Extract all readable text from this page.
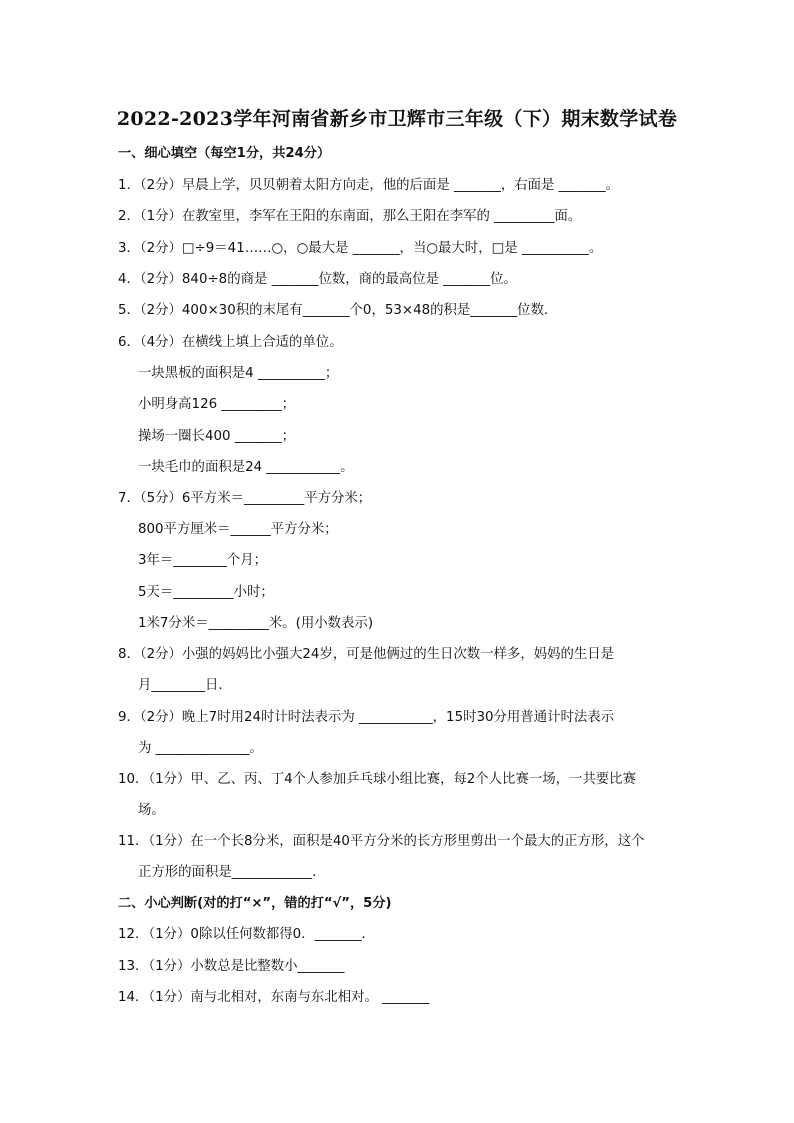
2022-2023学年河南省新乡市卫辉市三年级（下）期末数学试卷
一、细心填空（每空1分，共24分）
1．（2分）早晨上学，贝贝朝着太阳方向走，他的后面是 _______，右面是 _______。
2．（1分）在教室里，李军在王阳的东南面，那么王阳在李军的 _________面。
3．（2分）□÷9＝41……○，○最大是 _______，当○最大时，□是 __________。
4．（2分）840÷8的商是 _______位数，商的最高位是 _______位。
5．（2分）400×30积的末尾有_______个0，53×48的积是_______位数．
6．（4分）在横线上填上合适的单位。
一块黑板的面积是4 __________；
小明身高126 _________；
操场一圈长400 _______；
一块毛巾的面积是24 ___________。
7．（5分）6平方米＝_________平方分米；
800平方厘米＝______平方分米；
3年＝________个月；
5天＝_________小时；
1米7分米＝_________米。(用小数表示)
8．（2分）小强的妈妈比小强大24岁，可是他俩过的生日次数一样多，妈妈的生日是
月________日．
9．（2分）晚上7时用24时计时法表示为 ___________，15时30分用普通计时法表示
为 ______________。
10．（1分）甲、乙、丙、丁4个人参加乒乓球小组比赛，每2个人比赛一场，一共要比赛
场。
11．（1分）在一个长8分米，面积是40平方分米的长方形里剪出一个最大的正方形，这个
正方形的面积是____________．
二、小心判断(对的打“×”，错的打“√”，5分)
12．（1分）0除以任何数都得0．_______．
13．（1分）小数总是比整数小_______
14．（1分）南与北相对，东南与东北相对。 _______
